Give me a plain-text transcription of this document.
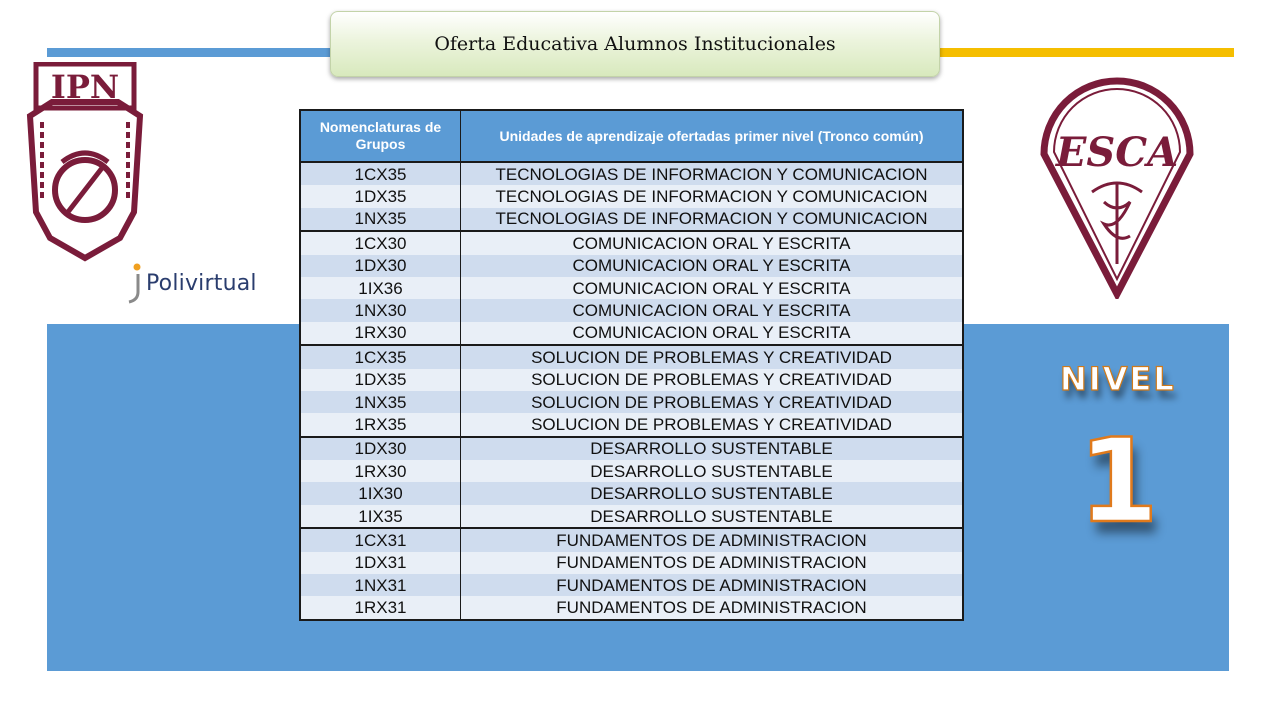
Oferta Educativa Alumnos Institucionales
IPN
Polivirtual
ESCA
NIVEL
1
Nomenclaturas de Grupos	Unidades de aprendizaje ofertadas primer nivel (Tronco común)
1CX35	TECNOLOGIAS DE INFORMACION Y COMUNICACION
1DX35	TECNOLOGIAS DE INFORMACION Y COMUNICACION
1NX35	TECNOLOGIAS DE INFORMACION Y COMUNICACION
1CX30	COMUNICACION ORAL Y ESCRITA
1DX30	COMUNICACION ORAL Y ESCRITA
1IX36	COMUNICACION ORAL Y ESCRITA
1NX30	COMUNICACION ORAL Y ESCRITA
1RX30	COMUNICACION ORAL Y ESCRITA
1CX35	SOLUCION DE PROBLEMAS Y CREATIVIDAD
1DX35	SOLUCION DE PROBLEMAS Y CREATIVIDAD
1NX35	SOLUCION DE PROBLEMAS Y CREATIVIDAD
1RX35	SOLUCION DE PROBLEMAS Y CREATIVIDAD
1DX30	DESARROLLO SUSTENTABLE
1RX30	DESARROLLO SUSTENTABLE
1IX30	DESARROLLO SUSTENTABLE
1IX35	DESARROLLO SUSTENTABLE
1CX31	FUNDAMENTOS DE ADMINISTRACION
1DX31	FUNDAMENTOS DE ADMINISTRACION
1NX31	FUNDAMENTOS DE ADMINISTRACION
1RX31	FUNDAMENTOS DE ADMINISTRACION
